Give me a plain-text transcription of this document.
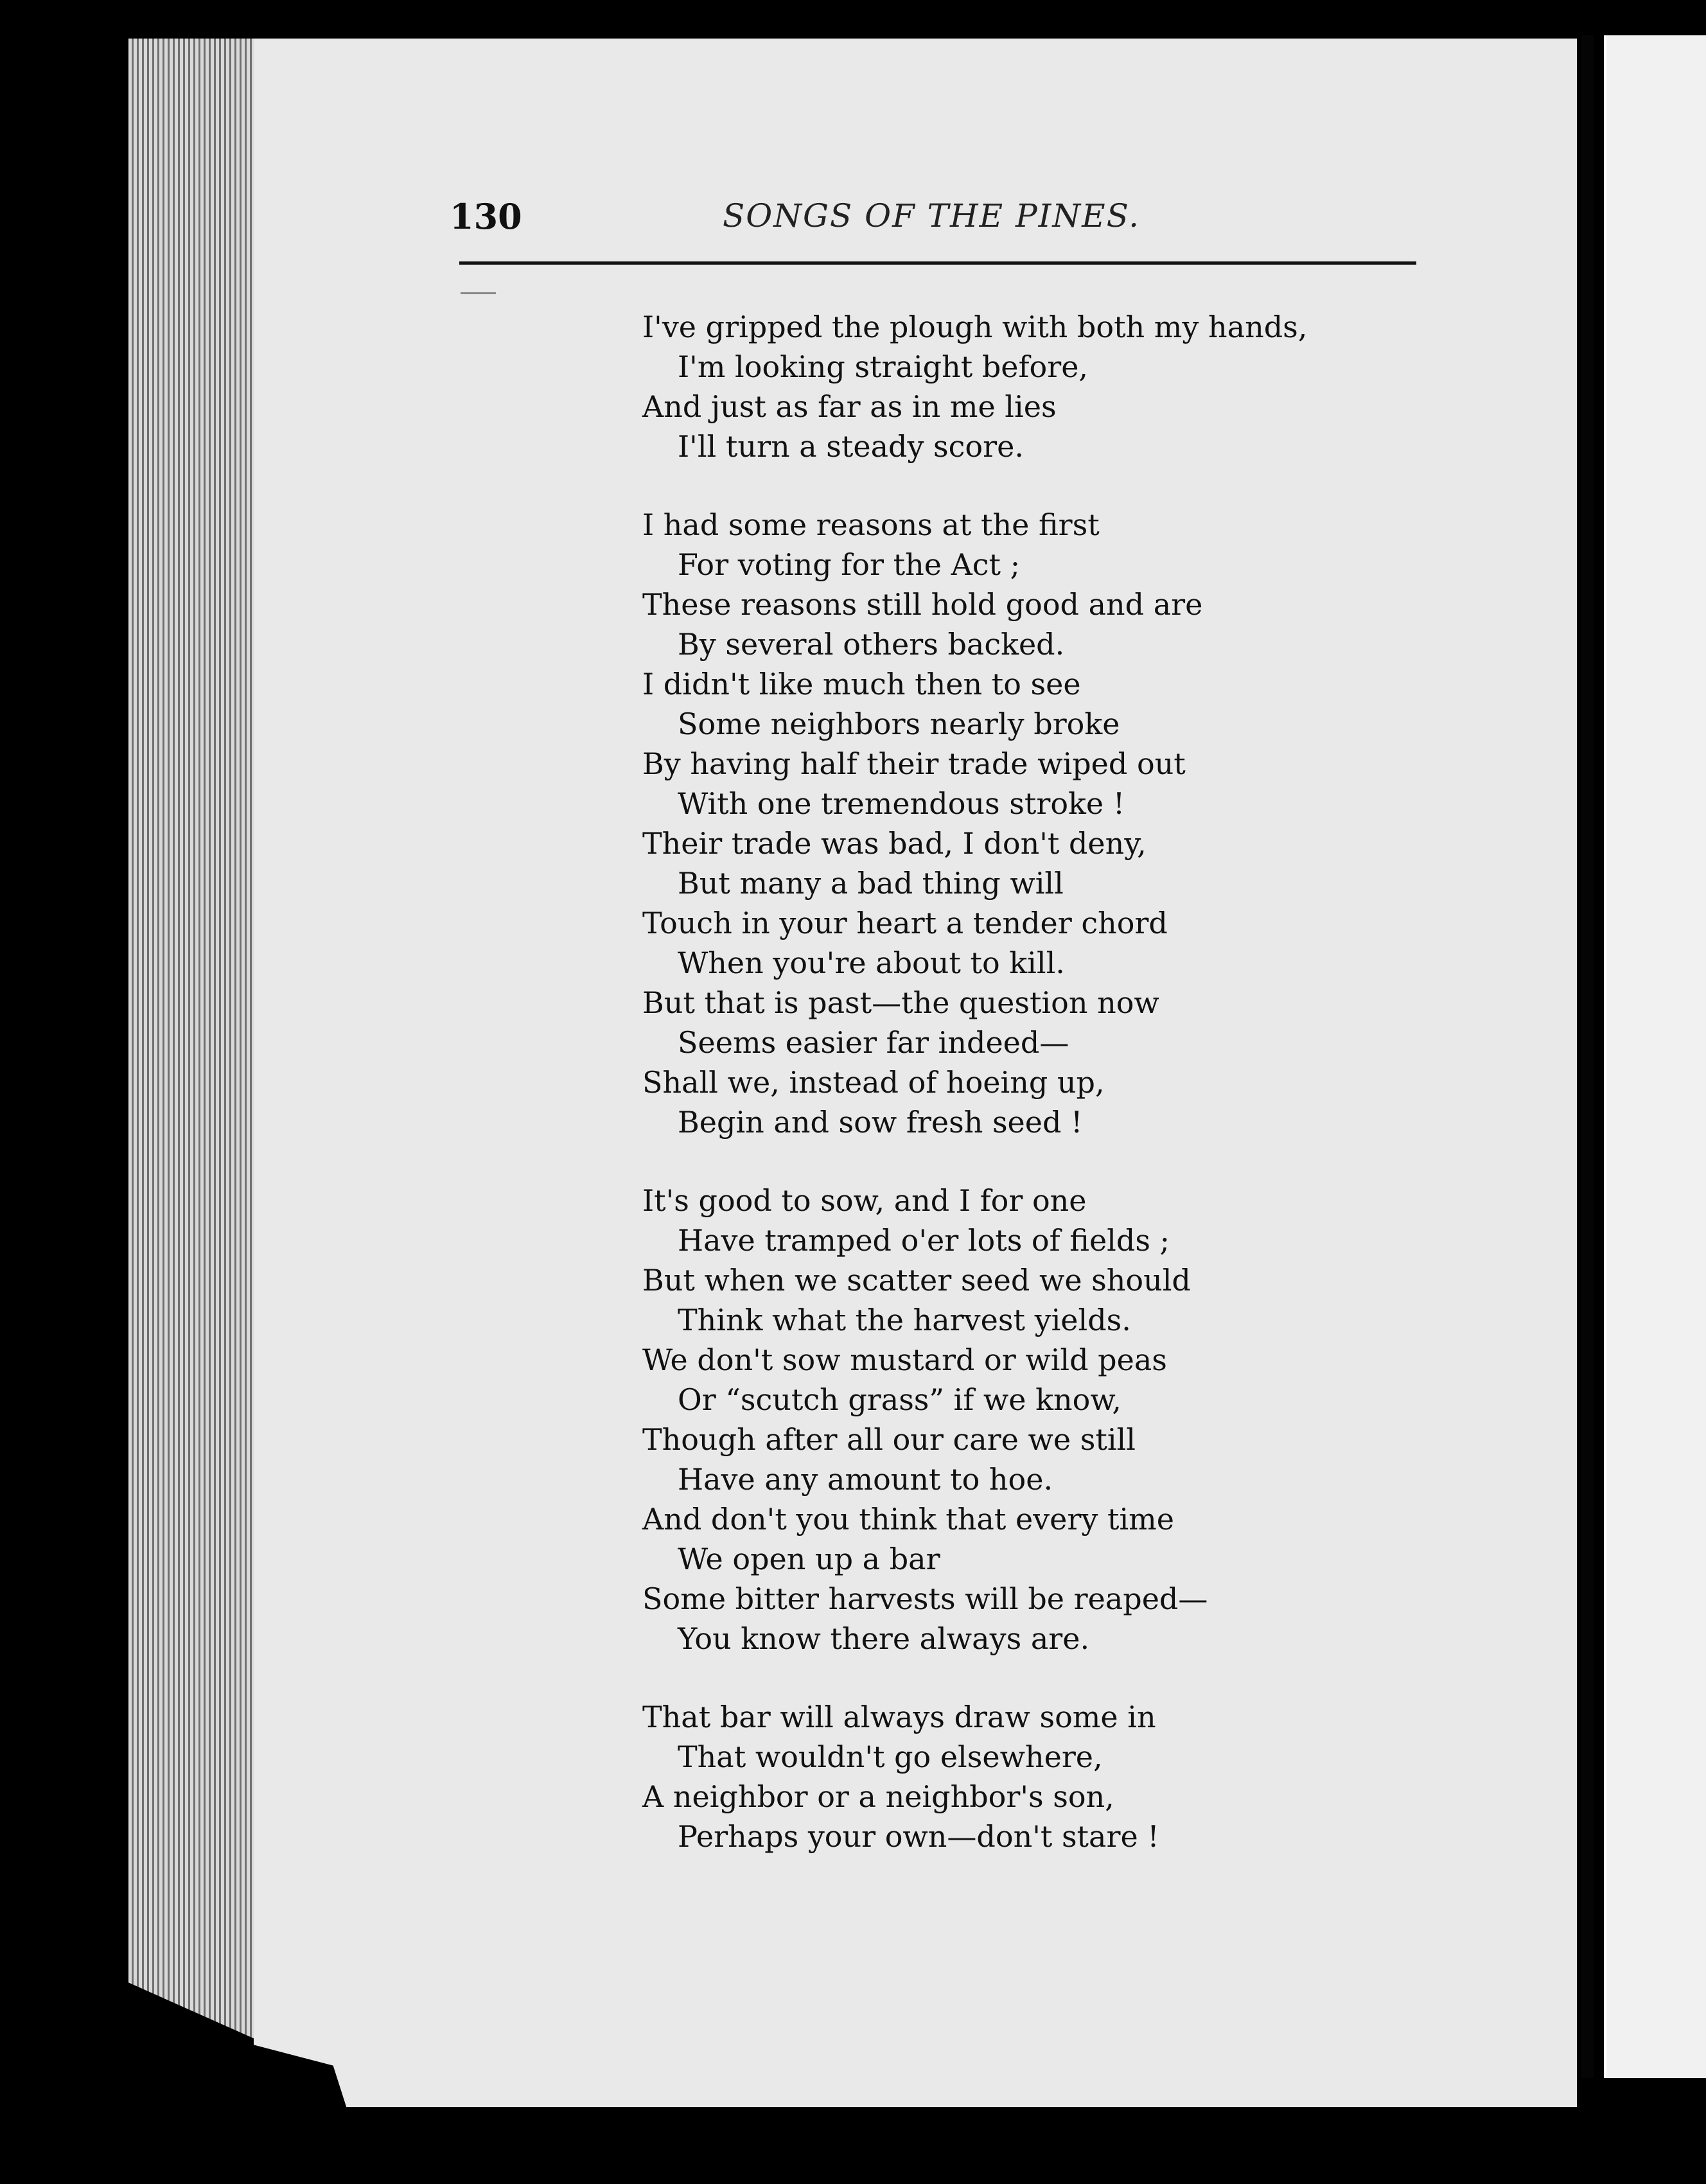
130	SONGS OF THE PINES.
I've gripped the plough with both my hands,
I'm looking straight before,
And just as far as in me lies
I'll turn a steady score.
I had some reasons at the first
For voting for the Act ;
These reasons still hold good and are
By several others backed.
I didn't like much then to see
Some neighbors nearly broke
By having half their trade wiped out
With one tremendous stroke !
Their trade was bad, I don't deny,
But many a bad thing will
Touch in your heart a tender chord
When you're about to kill.
But that is past—the question now
Seems easier far indeed—
Shall we, instead of hoeing up,
Begin and sow fresh seed !
It's good to sow, and I for one
Have tramped o'er lots of fields ;
But when we scatter seed we should
Think what the harvest yields.
We don't sow mustard or wild peas
Or “scutch grass” if we know,
Though after all our care we still
Have any amount to hoe.
And don't you think that every time
We open up a bar
Some bitter harvests will be reaped—
You know there always are.
That bar will always draw some in
That wouldn't go elsewhere,
A neighbor or a neighbor's son,
Perhaps your own—don't stare !
